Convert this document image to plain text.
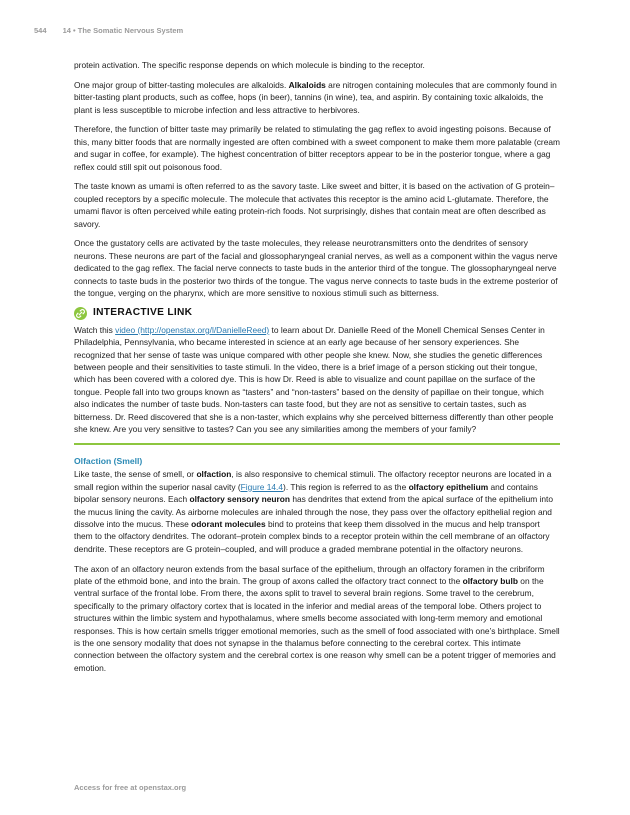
544 14 • The Somatic Nervous System

protein activation. The specific response depends on which molecule is binding to the receptor.

One major group of bitter-tasting molecules are alkaloids. Alkaloids are nitrogen containing molecules that are commonly found in bitter-tasting plant products, such as coffee, hops (in beer), tannins (in wine), tea, and aspirin. By containing toxic alkaloids, the plant is less susceptible to microbe infection and less attractive to herbivores.

Therefore, the function of bitter taste may primarily be related to stimulating the gag reflex to avoid ingesting poisons. Because of this, many bitter foods that are normally ingested are often combined with a sweet component to make them more palatable (cream and sugar in coffee, for example). The highest concentration of bitter receptors appear to be in the posterior tongue, where a gag reflex could still spit out poisonous food.

The taste known as umami is often referred to as the savory taste. Like sweet and bitter, it is based on the activation of G protein–coupled receptors by a specific molecule. The molecule that activates this receptor is the amino acid L-glutamate. Therefore, the umami flavor is often perceived while eating protein-rich foods. Not surprisingly, dishes that contain meat are often described as savory.

Once the gustatory cells are activated by the taste molecules, they release neurotransmitters onto the dendrites of sensory neurons. These neurons are part of the facial and glossopharyngeal cranial nerves, as well as a component within the vagus nerve dedicated to the gag reflex. The facial nerve connects to taste buds in the anterior third of the tongue. The glossopharyngeal nerve connects to taste buds in the posterior two thirds of the tongue. The vagus nerve connects to taste buds in the extreme posterior of the tongue, verging on the pharynx, which are more sensitive to noxious stimuli such as bitterness.

INTERACTIVE LINK

Watch this video (http://openstax.org/l/DanielleReed) to learn about Dr. Danielle Reed of the Monell Chemical Senses Center in Philadelphia, Pennsylvania, who became interested in science at an early age because of her sensory experiences. She recognized that her sense of taste was unique compared with other people she knew. Now, she studies the genetic differences between people and their sensitivities to taste stimuli. In the video, there is a brief image of a person sticking out their tongue, which has been covered with a colored dye. This is how Dr. Reed is able to visualize and count papillae on the surface of the tongue. People fall into two groups known as “tasters” and “non-tasters” based on the density of papillae on their tongue, which also indicates the number of taste buds. Non-tasters can taste food, but they are not as sensitive to certain tastes, such as bitterness. Dr. Reed discovered that she is a non-taster, which explains why she perceived bitterness differently than other people she knew. Are you very sensitive to tastes? Can you see any similarities among the members of your family?

Olfaction (Smell)

Like taste, the sense of smell, or olfaction, is also responsive to chemical stimuli. The olfactory receptor neurons are located in a small region within the superior nasal cavity (Figure 14.4). This region is referred to as the olfactory epithelium and contains bipolar sensory neurons. Each olfactory sensory neuron has dendrites that extend from the apical surface of the epithelium into the mucus lining the cavity. As airborne molecules are inhaled through the nose, they pass over the olfactory epithelial region and dissolve into the mucus. These odorant molecules bind to proteins that keep them dissolved in the mucus and help transport them to the olfactory dendrites. The odorant–protein complex binds to a receptor protein within the cell membrane of an olfactory dendrite. These receptors are G protein–coupled, and will produce a graded membrane potential in the olfactory neurons.

The axon of an olfactory neuron extends from the basal surface of the epithelium, through an olfactory foramen in the cribriform plate of the ethmoid bone, and into the brain. The group of axons called the olfactory tract connect to the olfactory bulb on the ventral surface of the frontal lobe. From there, the axons split to travel to several brain regions. Some travel to the cerebrum, specifically to the primary olfactory cortex that is located in the inferior and medial areas of the temporal lobe. Others project to structures within the limbic system and hypothalamus, where smells become associated with long-term memory and emotional responses. This is how certain smells trigger emotional memories, such as the smell of food associated with one’s birthplace. Smell is the one sensory modality that does not synapse in the thalamus before connecting to the cerebral cortex. This intimate connection between the olfactory system and the cerebral cortex is one reason why smell can be a potent trigger of memories and emotion.

Access for free at openstax.org
